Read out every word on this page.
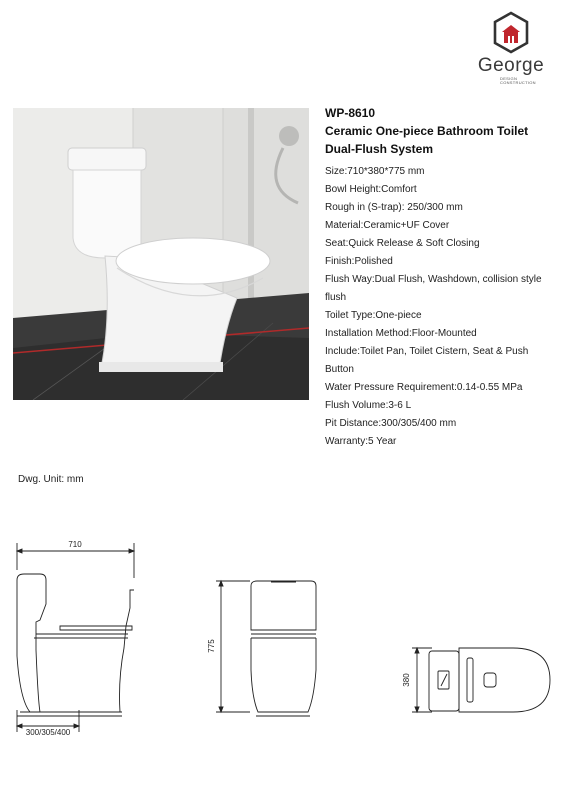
George
DESIGN
CONSTRUCTION
WP-8610
Ceramic One-piece Bathroom Toilet
Dual-Flush System
Size:710*380*775 mm
Bowl Height:Comfort
Rough in (S-trap): 250/300 mm
Material:Ceramic+UF Cover
Seat:Quick Release & Soft Closing
Finish:Polished
Flush Way:Dual Flush, Washdown, collision style
flush
Toilet Type:One-piece
Installation Method:Floor-Mounted
Include:Toilet Pan, Toilet Cistern, Seat & Push
Button
Water Pressure Requirement:0.14-0.55 MPa
Flush Volume:3-6 L
Pit Distance:300/305/400 mm
Warranty:5 Year
Dwg. Unit: mm
710
300/305/400
775
380
